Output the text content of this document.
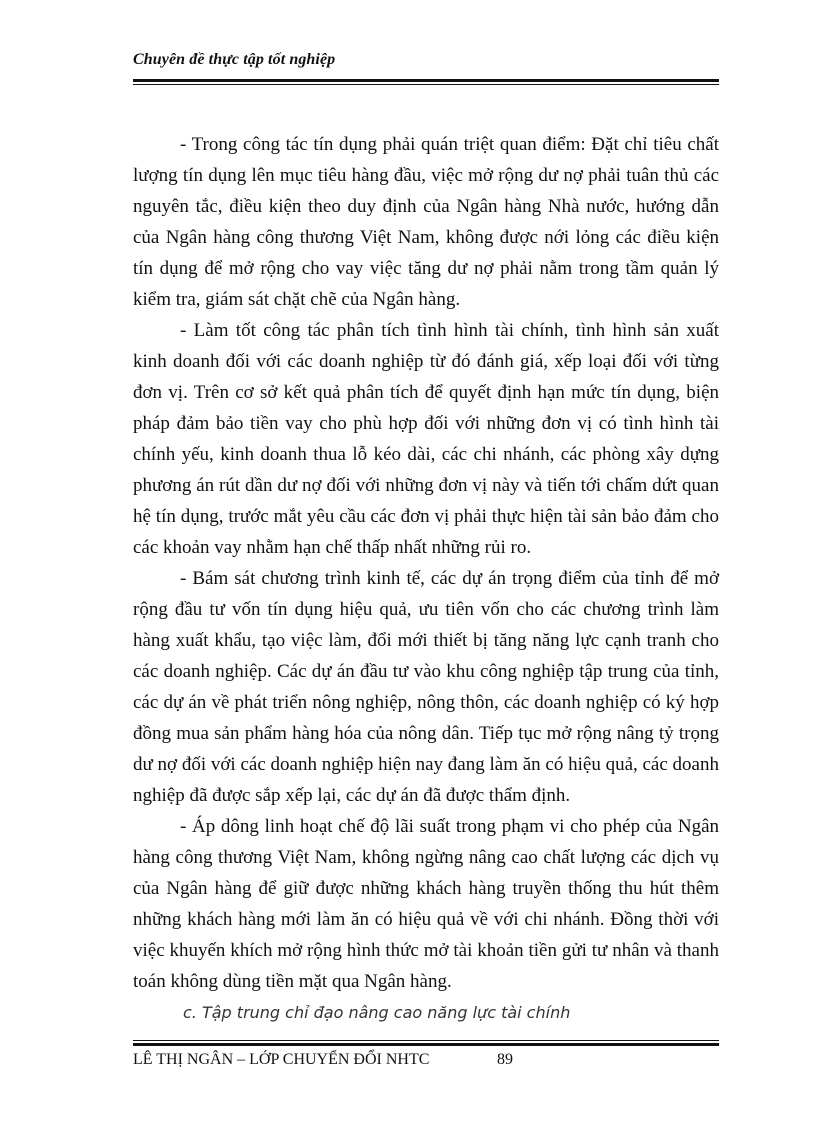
Chuyên đề thực tập tốt nghiệp

- Trong công tác tín dụng phải quán triệt quan điểm: Đặt chỉ tiêu chất lượng tín dụng lên mục tiêu hàng đầu, việc mở rộng dư nợ phải tuân thủ các nguyên tắc, điều kiện theo duy định của Ngân hàng Nhà nước, hướng dẫn của Ngân hàng công thương Việt Nam, không được nới lỏng các điều kiện tín dụng để mở rộng cho vay việc tăng dư nợ phải nằm trong tầm quản lý kiểm tra, giám sát chặt chẽ của Ngân hàng.

- Làm tốt công tác phân tích tình hình tài chính, tình hình sản xuất kinh doanh đối với các doanh nghiệp từ đó đánh giá, xếp loại đối với từng đơn vị. Trên cơ sở kết quả phân tích để quyết định hạn mức tín dụng, biện pháp đảm bảo tiền vay cho phù hợp đối với những đơn vị có tình hình tài chính yếu, kinh doanh thua lỗ kéo dài, các chi nhánh, các phòng xây dựng phương án rút dần dư nợ đối với những đơn vị này và tiến tới chấm dứt quan hệ tín dụng, trước mắt yêu cầu các đơn vị phải thực hiện tài sản bảo đảm cho các khoản vay nhằm hạn chế thấp nhất những rủi ro.

- Bám sát chương trình kinh tế, các dự án trọng điểm của tỉnh để mở rộng đầu tư vốn tín dụng hiệu quả, ưu tiên vốn cho các chương trình làm hàng xuất khẩu, tạo việc làm, đổi mới thiết bị tăng năng lực cạnh tranh cho các doanh nghiệp. Các dự án đầu tư vào khu công nghiệp tập trung của tỉnh, các dự án về phát triển nông nghiệp, nông thôn, các doanh nghiệp có ký hợp đồng mua sản phẩm hàng hóa của nông dân. Tiếp tục mở rộng nâng tỷ trọng dư nợ đối với các doanh nghiệp hiện nay đang làm ăn có hiệu quả, các doanh nghiệp đã được sắp xếp lại, các dự án đã được thẩm định.

- Áp dông linh hoạt chế độ lãi suất trong phạm vi cho phép của Ngân hàng công thương Việt Nam, không ngừng nâng cao chất lượng các dịch vụ của Ngân hàng để giữ được những khách hàng truyền thống thu hút thêm những khách hàng mới làm ăn có hiệu quả về với chi nhánh. Đồng thời với việc khuyến khích mở rộng hình thức mở tài khoản tiền gửi tư nhân và thanh toán không dùng tiền mặt qua Ngân hàng.

c. Tập trung chỉ đạo nâng cao năng lực tài chính

LÊ THỊ NGÂN – LỚP CHUYỂN ĐỔI NHTC	89
